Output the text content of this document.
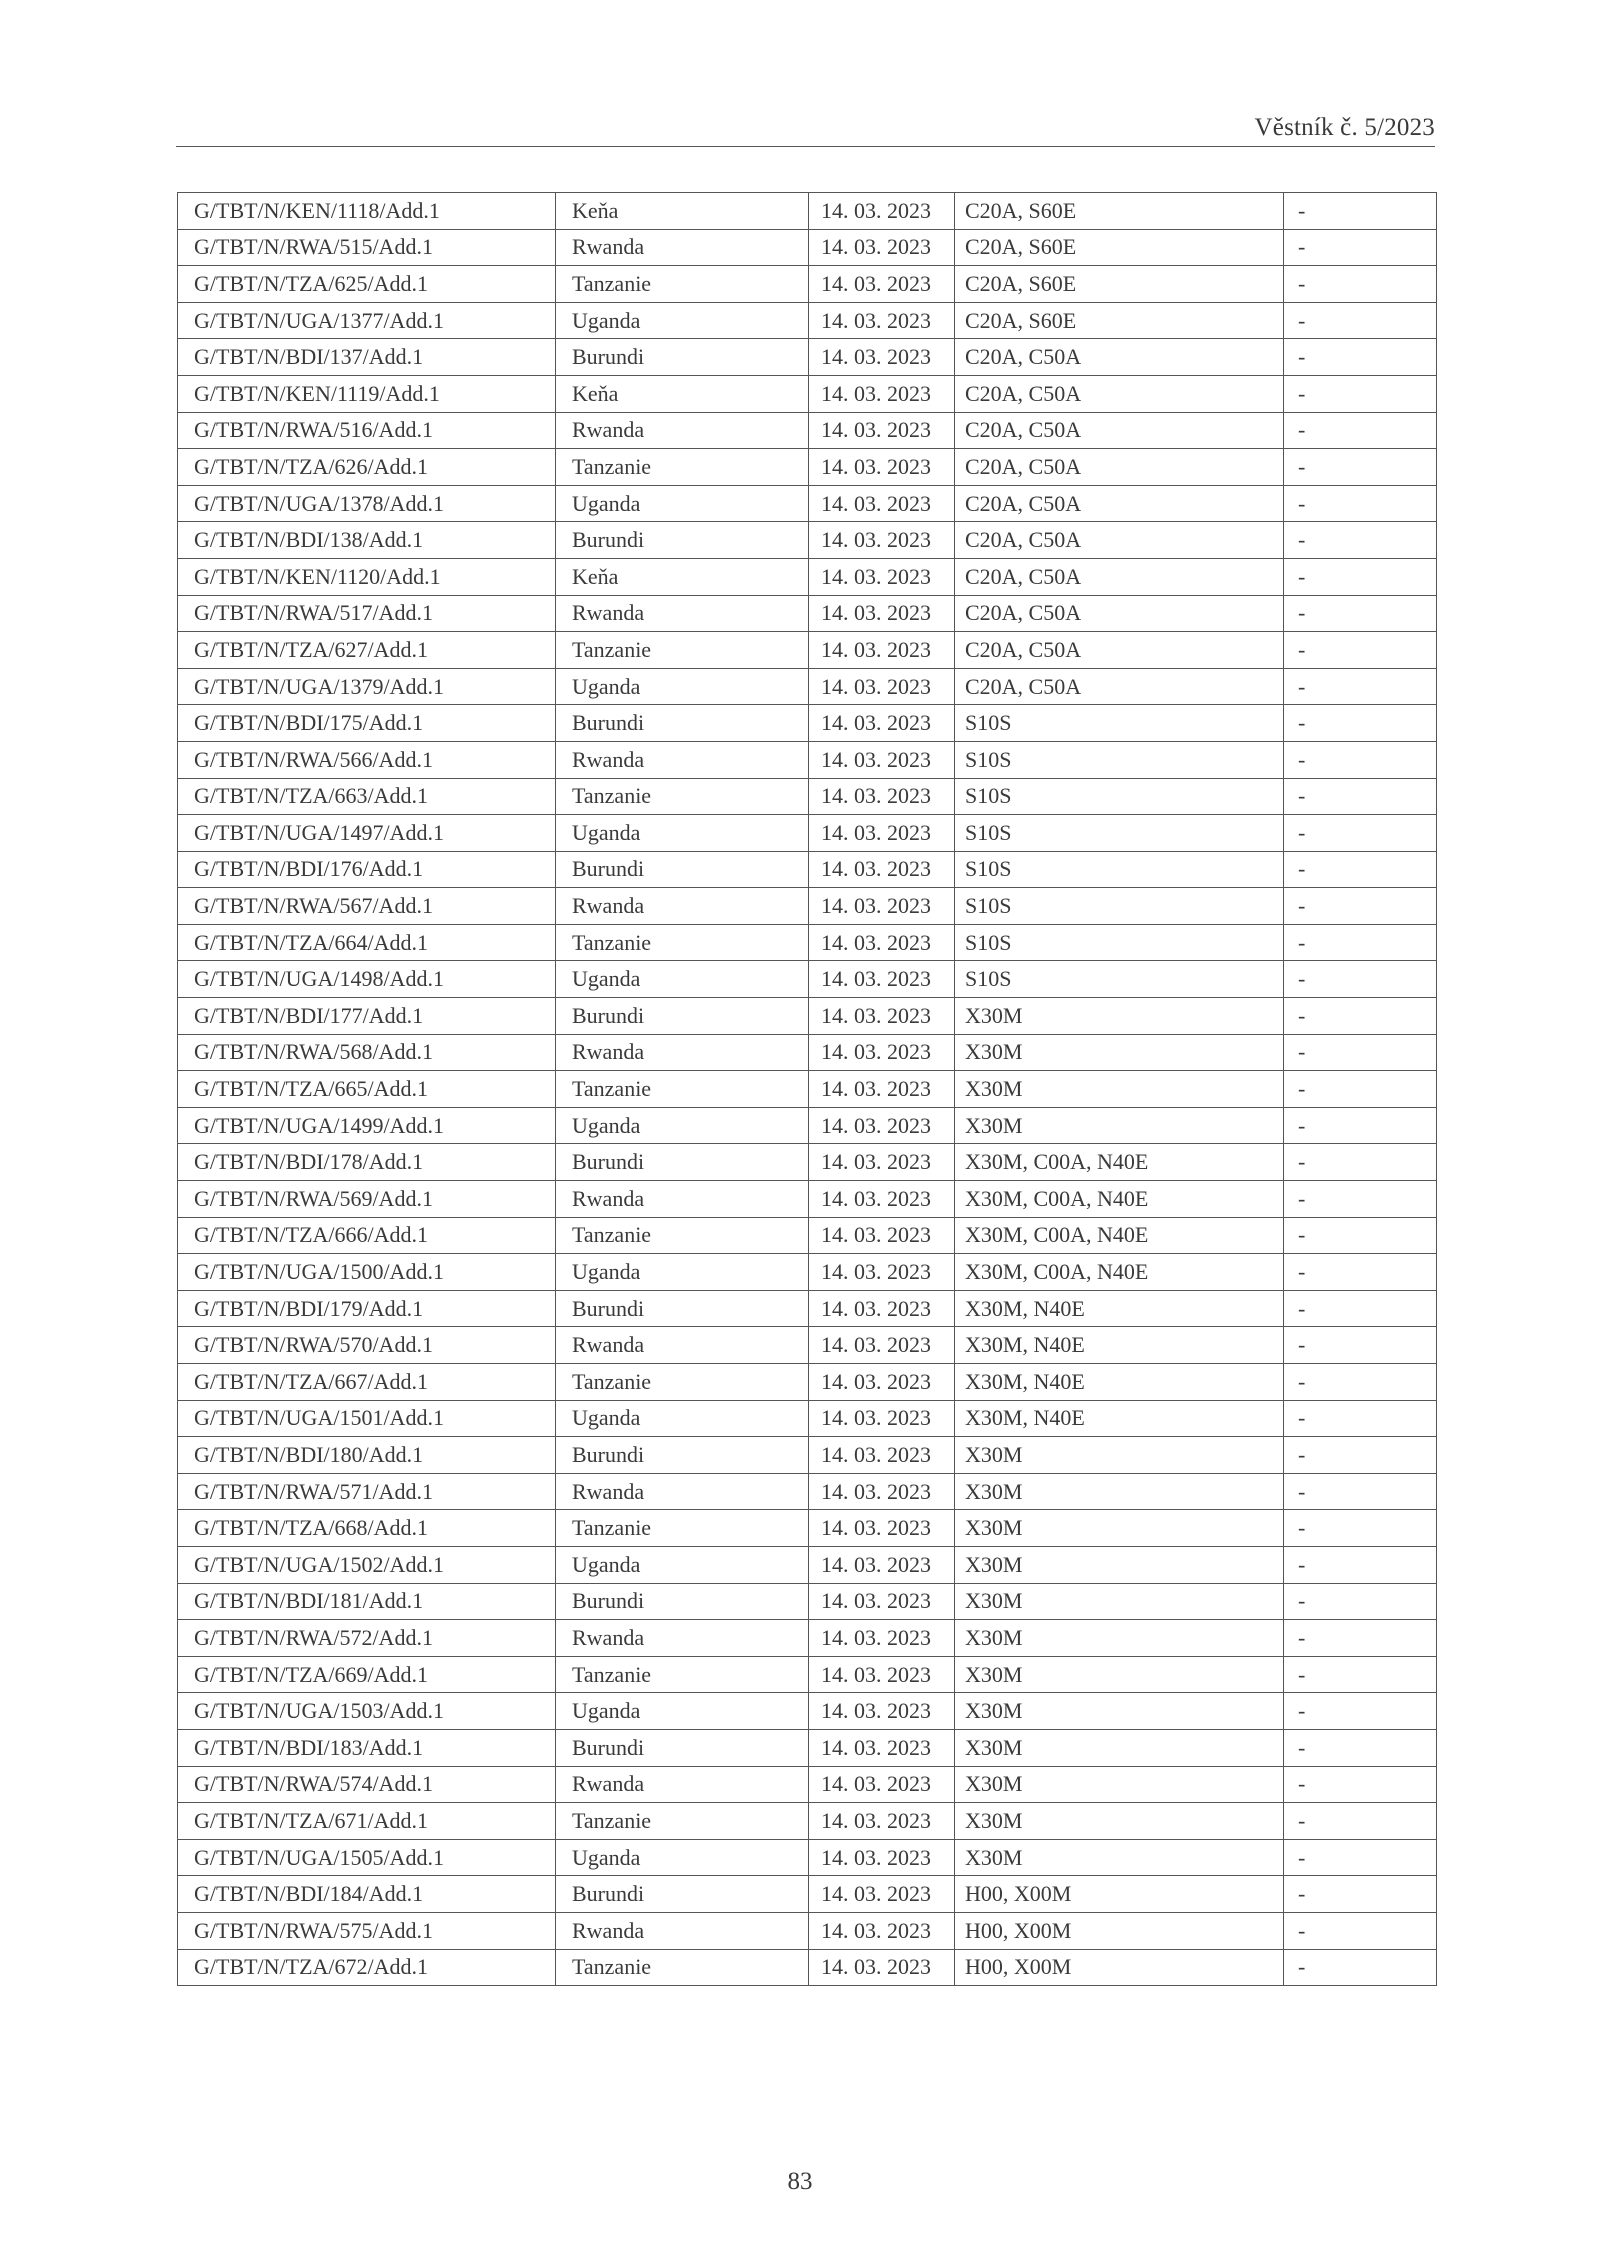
Věstník č. 5/2023
G/TBT/N/KEN/1118/Add.1	Keňa	14. 03. 2023	C20A, S60E	-
G/TBT/N/RWA/515/Add.1	Rwanda	14. 03. 2023	C20A, S60E	-
G/TBT/N/TZA/625/Add.1	Tanzanie	14. 03. 2023	C20A, S60E	-
G/TBT/N/UGA/1377/Add.1	Uganda	14. 03. 2023	C20A, S60E	-
G/TBT/N/BDI/137/Add.1	Burundi	14. 03. 2023	C20A, C50A	-
G/TBT/N/KEN/1119/Add.1	Keňa	14. 03. 2023	C20A, C50A	-
G/TBT/N/RWA/516/Add.1	Rwanda	14. 03. 2023	C20A, C50A	-
G/TBT/N/TZA/626/Add.1	Tanzanie	14. 03. 2023	C20A, C50A	-
G/TBT/N/UGA/1378/Add.1	Uganda	14. 03. 2023	C20A, C50A	-
G/TBT/N/BDI/138/Add.1	Burundi	14. 03. 2023	C20A, C50A	-
G/TBT/N/KEN/1120/Add.1	Keňa	14. 03. 2023	C20A, C50A	-
G/TBT/N/RWA/517/Add.1	Rwanda	14. 03. 2023	C20A, C50A	-
G/TBT/N/TZA/627/Add.1	Tanzanie	14. 03. 2023	C20A, C50A	-
G/TBT/N/UGA/1379/Add.1	Uganda	14. 03. 2023	C20A, C50A	-
G/TBT/N/BDI/175/Add.1	Burundi	14. 03. 2023	S10S	-
G/TBT/N/RWA/566/Add.1	Rwanda	14. 03. 2023	S10S	-
G/TBT/N/TZA/663/Add.1	Tanzanie	14. 03. 2023	S10S	-
G/TBT/N/UGA/1497/Add.1	Uganda	14. 03. 2023	S10S	-
G/TBT/N/BDI/176/Add.1	Burundi	14. 03. 2023	S10S	-
G/TBT/N/RWA/567/Add.1	Rwanda	14. 03. 2023	S10S	-
G/TBT/N/TZA/664/Add.1	Tanzanie	14. 03. 2023	S10S	-
G/TBT/N/UGA/1498/Add.1	Uganda	14. 03. 2023	S10S	-
G/TBT/N/BDI/177/Add.1	Burundi	14. 03. 2023	X30M	-
G/TBT/N/RWA/568/Add.1	Rwanda	14. 03. 2023	X30M	-
G/TBT/N/TZA/665/Add.1	Tanzanie	14. 03. 2023	X30M	-
G/TBT/N/UGA/1499/Add.1	Uganda	14. 03. 2023	X30M	-
G/TBT/N/BDI/178/Add.1	Burundi	14. 03. 2023	X30M, C00A, N40E	-
G/TBT/N/RWA/569/Add.1	Rwanda	14. 03. 2023	X30M, C00A, N40E	-
G/TBT/N/TZA/666/Add.1	Tanzanie	14. 03. 2023	X30M, C00A, N40E	-
G/TBT/N/UGA/1500/Add.1	Uganda	14. 03. 2023	X30M, C00A, N40E	-
G/TBT/N/BDI/179/Add.1	Burundi	14. 03. 2023	X30M, N40E	-
G/TBT/N/RWA/570/Add.1	Rwanda	14. 03. 2023	X30M, N40E	-
G/TBT/N/TZA/667/Add.1	Tanzanie	14. 03. 2023	X30M, N40E	-
G/TBT/N/UGA/1501/Add.1	Uganda	14. 03. 2023	X30M, N40E	-
G/TBT/N/BDI/180/Add.1	Burundi	14. 03. 2023	X30M	-
G/TBT/N/RWA/571/Add.1	Rwanda	14. 03. 2023	X30M	-
G/TBT/N/TZA/668/Add.1	Tanzanie	14. 03. 2023	X30M	-
G/TBT/N/UGA/1502/Add.1	Uganda	14. 03. 2023	X30M	-
G/TBT/N/BDI/181/Add.1	Burundi	14. 03. 2023	X30M	-
G/TBT/N/RWA/572/Add.1	Rwanda	14. 03. 2023	X30M	-
G/TBT/N/TZA/669/Add.1	Tanzanie	14. 03. 2023	X30M	-
G/TBT/N/UGA/1503/Add.1	Uganda	14. 03. 2023	X30M	-
G/TBT/N/BDI/183/Add.1	Burundi	14. 03. 2023	X30M	-
G/TBT/N/RWA/574/Add.1	Rwanda	14. 03. 2023	X30M	-
G/TBT/N/TZA/671/Add.1	Tanzanie	14. 03. 2023	X30M	-
G/TBT/N/UGA/1505/Add.1	Uganda	14. 03. 2023	X30M	-
G/TBT/N/BDI/184/Add.1	Burundi	14. 03. 2023	H00, X00M	-
G/TBT/N/RWA/575/Add.1	Rwanda	14. 03. 2023	H00, X00M	-
G/TBT/N/TZA/672/Add.1	Tanzanie	14. 03. 2023	H00, X00M	-
83
